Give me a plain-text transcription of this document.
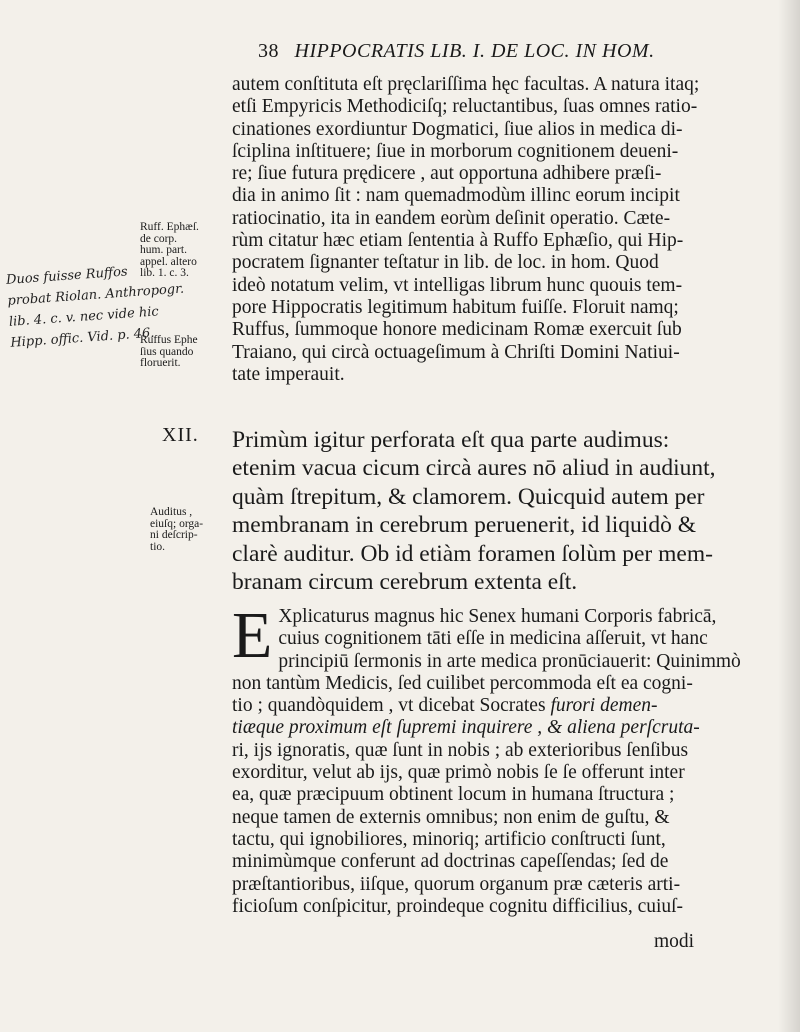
38 HIPPOCRATIS LIB. I. DE LOC. IN HOM.
autem conſtituta eſt pręclariſſima hęc facultas. A natura itaq;
etſi Empyricis Methodiciſq; reluctantibus, ſuas omnes ratio-
cinationes exordiuntur Dogmatici, ſiue alios in medica di-
ſciplina inſtituere; ſiue in morborum cognitionem deueni-
re; ſiue futura prędicere , aut opportuna adhibere præſi-
dia in animo ſit : nam quemadmodùm illinc eorum incipit
ratiocinatio, ita in eandem eorùm deſinit operatio. Cæte-
rùm citatur hæc etiam ſententia à Ruffo Ephæſio, qui Hip-
pocratem ſignanter teſtatur in lib. de loc. in hom. Quod
ideò notatum velim, vt intelligas librum hunc quouis tem-
pore Hippocratis legitimum habitum fuiſſe. Floruit namq;
Ruffus, ſummoque honore medicinam Romæ exercuit ſub
Traiano, qui circà octuageſimum à Chriſti Domini Natiui-
tate imperauit.
XII. Primùm igitur perforata eſt qua parte audimus:
etenim vacua cicum circà aures nō aliud in audiunt,
quàm ſtrepitum, & clamorem. Quicquid autem per
membranam in cerebrum peruenerit, id liquidò &
clarè auditur. Ob id etiàm foramen ſolùm per mem-
branam circum cerebrum extenta eſt.
E Xplicaturus magnus hic Senex humani Corporis fabricā,
cuius cognitionem tāti eſſe in medicina aſſeruit, vt hanc
principiū ſermonis in arte medica pronūciauerit: Quinimmò
non tantùm Medicis, ſed cuilibet percommoda eſt ea cogni-
tio ; quandòquidem , vt dicebat Socrates furori demen-
tiæque proximum eſt ſupremi inquirere , & aliena perſcruta-
ri, ijs ignoratis, quæ ſunt in nobis ; ab exterioribus ſenſibus
exorditur, velut ab ijs, quæ primò nobis ſe ſe offerunt inter
ea, quæ præcipuum obtinent locum in humana ſtructura ;
neque tamen de externis omnibus; non enim de guſtu, &
tactu, qui ignobiliores, minoriq; artificio conſtructi ſunt,
minimùmque conferunt ad doctrinas capeſſendas; ſed de
præſtantioribus, iiſque, quorum organum præ cæteris arti-
ficioſum conſpicitur, proindeque cognitu difficilius, cuiuſ-
modi
Ruff. Ephæſ.
de corp.
hum. part.
appel. altero
lib. 1. c. 3.
Ruffus Ephe
ſius quando
floruerit.
Auditus ,
eiuſq; orga-
ni deſcrip-
tio.
Duos fuisse Ruffos
probat Riolan. Anthropogr.
lib. 4. c. v. nec vide hic
Hipp. offic. Vid. p. 46.
